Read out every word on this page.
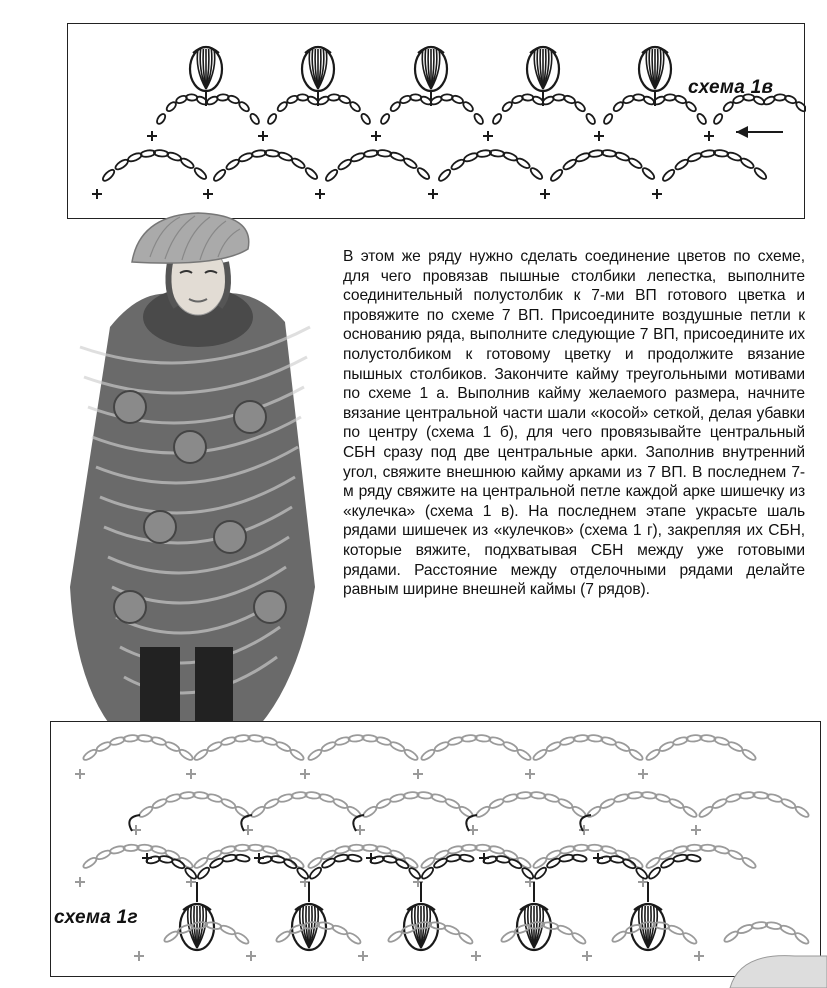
схема 1в
В этом же ряду нужно сделать соединение цветов по схеме, для чего провязав пышные столбики лепестка, выполните соединительный полустолбик к 7-ми ВП готового цветка и провяжите по схеме 7 ВП. Присоедините воздушные петли к основанию ряда, выполните следующие 7 ВП, присоедините их полустолбиком к готовому цветку и продолжите вязание пышных столбиков. Закончите кайму треугольными мотивами по схеме 1 а. Выполнив кайму желаемого размера, начните вязание центральной части шали «косой» сеткой, делая убавки по центру (схема 1 б), для чего провязывайте центральный СБН сразу под две центральные арки. Заполнив внутренний угол, свяжите внешнюю кайму арками из 7 ВП. В последнем 7-м ряду свяжите на центральной петле каждой арке шишечку из «кулечка» (схема 1 в). На последнем этапе украсьте шаль рядами шишечек из «кулечков» (схема 1 г), закрепляя их СБН, которые вяжите, подхватывая СБН между уже готовыми рядами. Расстояние между отделочными рядами делайте равным ширине внешней каймы (7 рядов).
схема 1г
